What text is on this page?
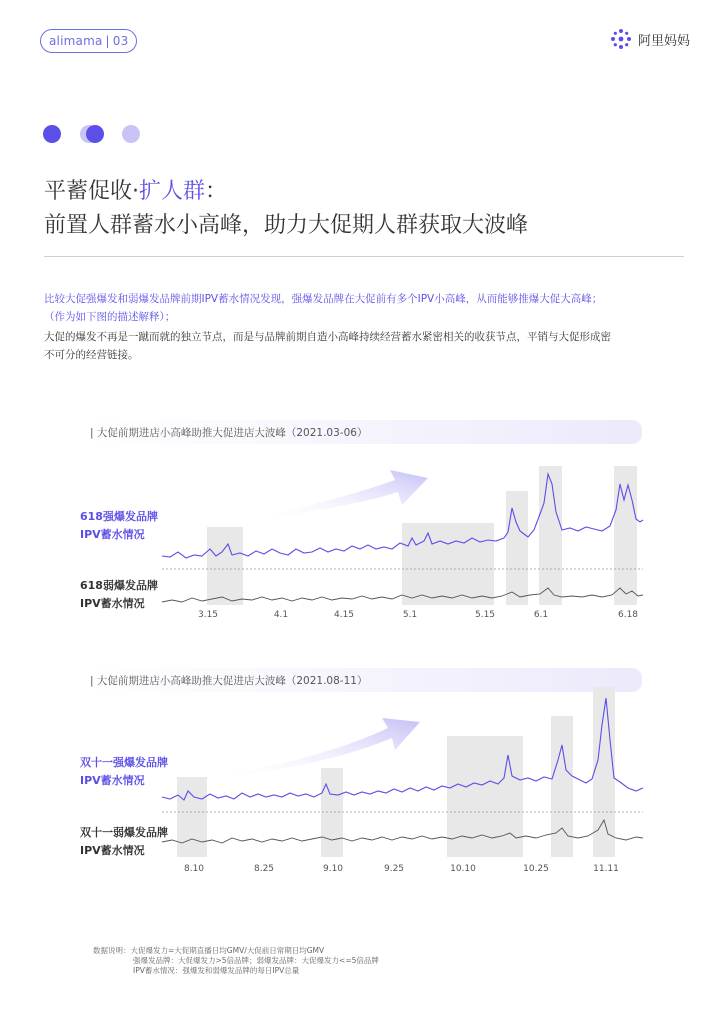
alimama | 03	阿里妈妈
平蓄促收·扩人群：
前置人群蓄水小高峰，助力大促期人群获取大波峰
比较大促强爆发和弱爆发品牌前期IPV蓄水情况发现，强爆发品牌在大促前有多个IPV小高峰，从而能够推爆大促大高峰；
（作为如下图的描述解释）；
大促的爆发不再是一蹴而就的独立节点，而是与品牌前期自造小高峰持续经营蓄水紧密相关的收获节点，平销与大促形成密
不可分的经营链接。
| 大促前期进店小高峰助推大促进店大波峰（2021.03-06）
618强爆发品牌
IPV蓄水情况
618弱爆发品牌
IPV蓄水情况
3.15	4.1	4.15	5.1	5.15	6.1	6.18
| 大促前期进店小高峰助推大促进店大波峰（2021.08-11）
双十一强爆发品牌
IPV蓄水情况
双十一弱爆发品牌
IPV蓄水情况
8.10	8.25	9.10	9.25	10.10	10.25	11.11
数据说明：大促爆发力=大促期直播日均GMV/大促前日常期日均GMV
强爆发品牌：大促爆发力>5倍品牌；弱爆发品牌：大促爆发力<=5倍品牌
IPV蓄水情况：强爆发和弱爆发品牌的每日IPV总量
